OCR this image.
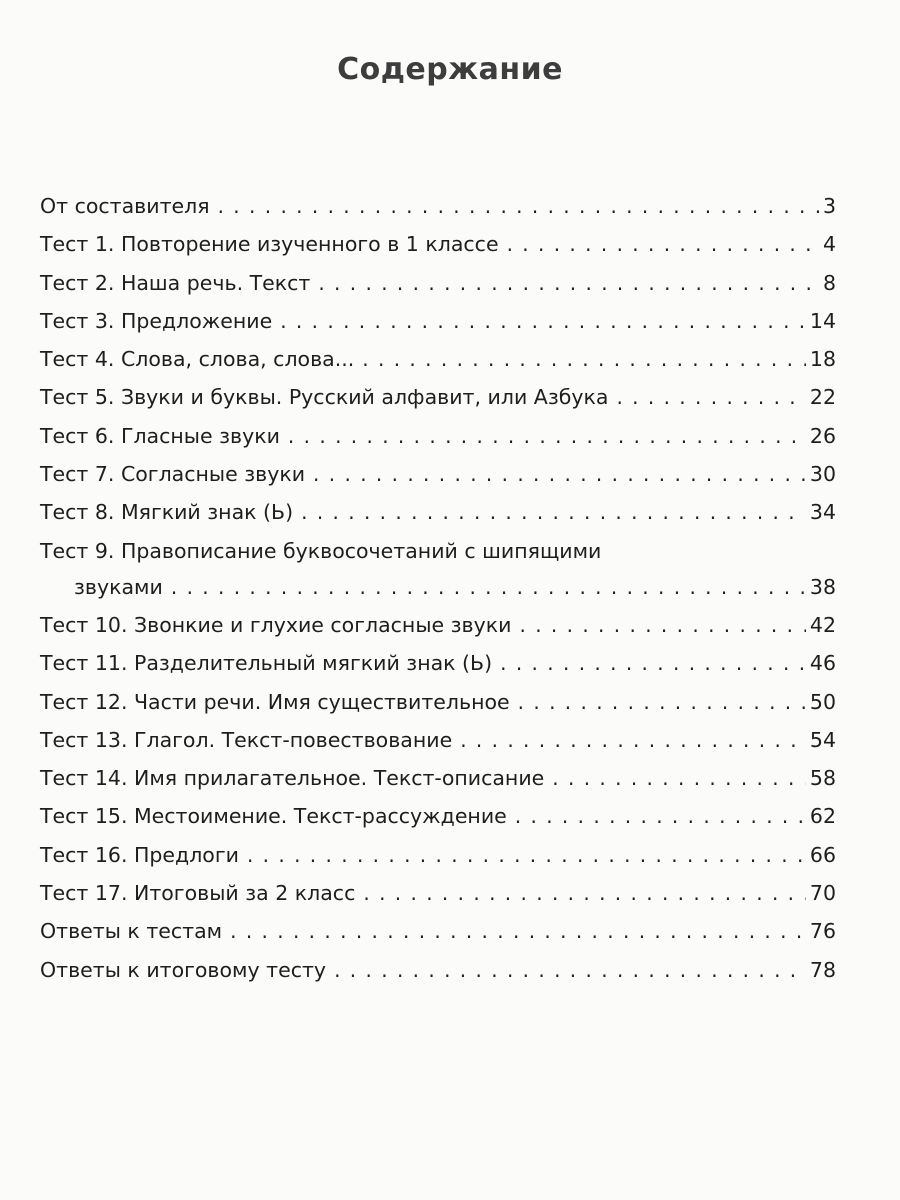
Содержание
От составителя . . .	3
Тест 1. Повторение изученного в 1 классе . . .	4
Тест 2. Наша речь. Текст . . .	8
Тест 3. Предложение . . .	14
Тест 4. Слова, слова, слова... . . .	18
Тест 5. Звуки и буквы. Русский алфавит, или Азбука . . .	22
Тест 6. Гласные звуки . . .	26
Тест 7. Согласные звуки . . .	30
Тест 8. Мягкий знак (Ь) . . .	34
Тест 9. Правописание буквосочетаний с шипящими
звуками . . .	38
Тест 10. Звонкие и глухие согласные звуки . . .	42
Тест 11. Разделительный мягкий знак (Ь) . . .	46
Тест 12. Части речи. Имя существительное . . .	50
Тест 13. Глагол. Текст-повествование . . .	54
Тест 14. Имя прилагательное. Текст-описание . . .	58
Тест 15. Местоимение. Текст-рассуждение . . .	62
Тест 16. Предлоги . . .	66
Тест 17. Итоговый за 2 класс . . .	70
Ответы к тестам . . .	76
Ответы к итоговому тесту . . .	78
